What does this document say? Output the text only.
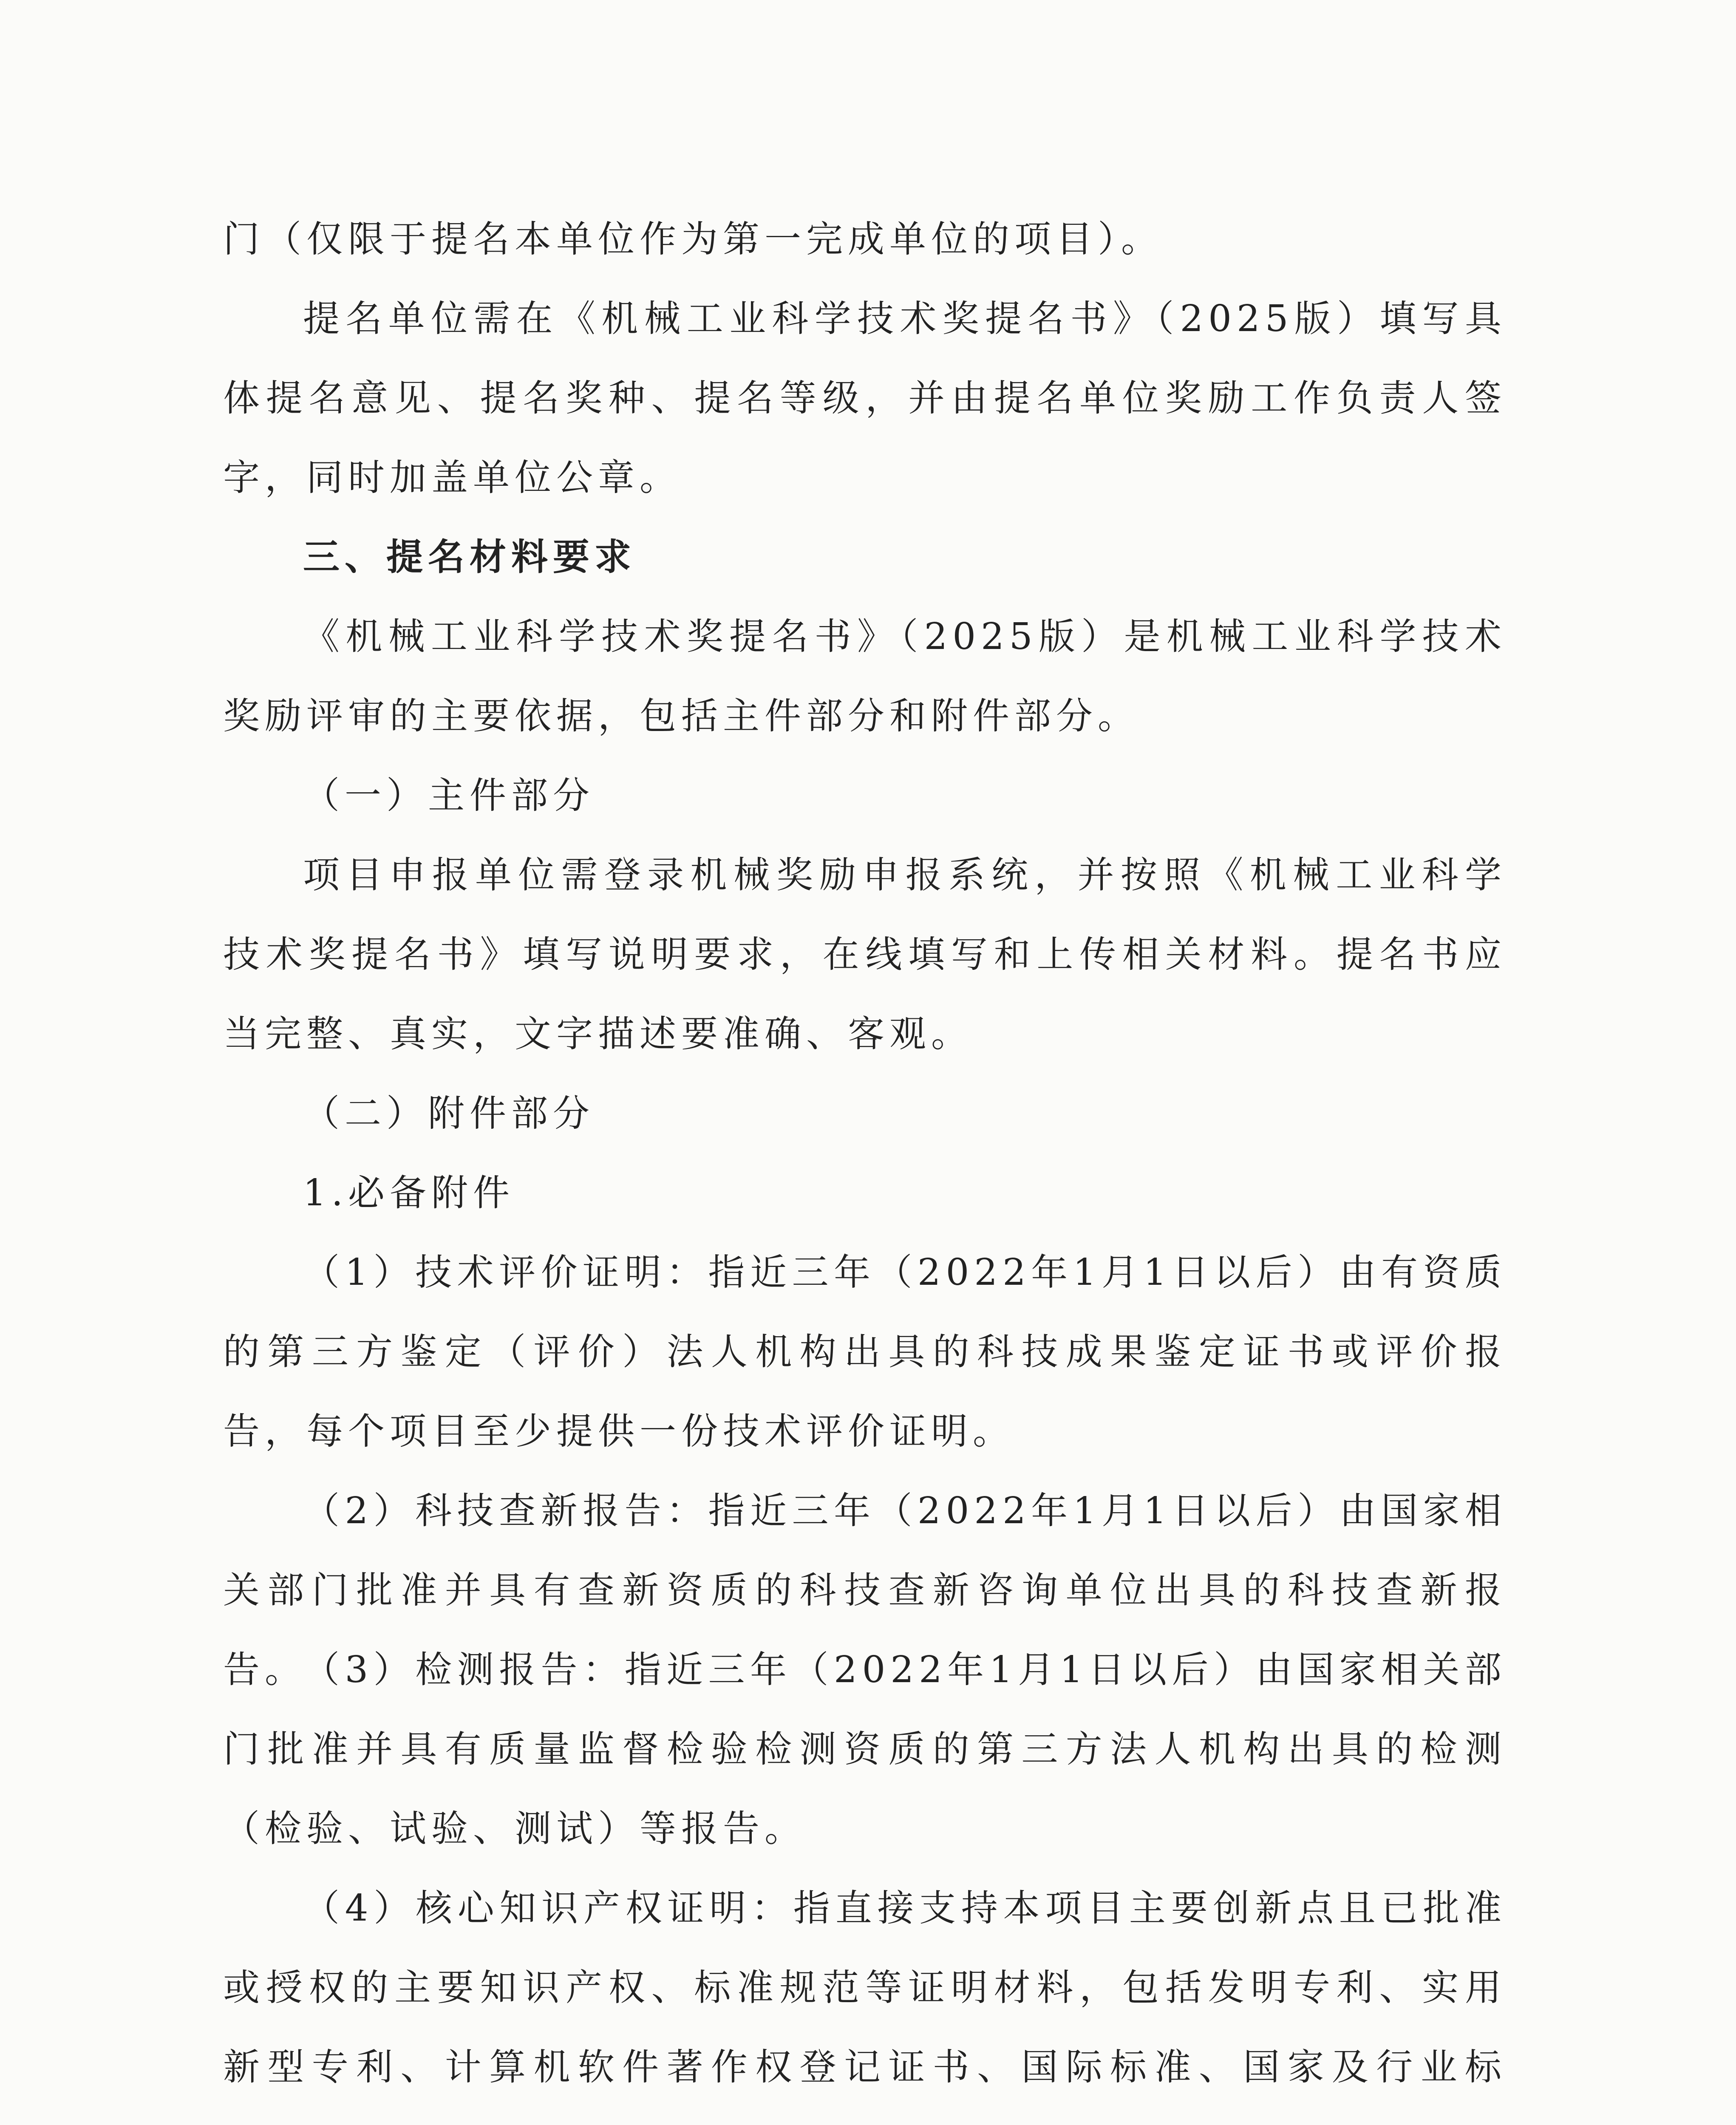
门（仅限于提名本单位作为第一完成单位的项目）。

提名单位需在《机械工业科学技术奖提名书》（2025版）填写具体提名意见、提名奖种、提名等级，并由提名单位奖励工作负责人签字，同时加盖单位公章。

三、提名材料要求

《机械工业科学技术奖提名书》（2025版）是机械工业科学技术奖励评审的主要依据，包括主件部分和附件部分。

（一）主件部分

项目申报单位需登录机械奖励申报系统，并按照《机械工业科学技术奖提名书》填写说明要求，在线填写和上传相关材料。提名书应当完整、真实，文字描述要准确、客观。

（二）附件部分

1.必备附件

（1）技术评价证明：指近三年（2022年1月1日以后）由有资质的第三方鉴定（评价）法人机构出具的科技成果鉴定证书或评价报告，每个项目至少提供一份技术评价证明。

（2）科技查新报告：指近三年（2022年1月1日以后）由国家相关部门批准并具有查新资质的科技查新咨询单位出具的科技查新报告。

（3）检测报告：指近三年（2022年1月1日以后）由国家相关部门批准并具有质量监督检验检测资质的第三方法人机构出具的检测（检验、试验、测试）等报告。

（4）核心知识产权证明：指直接支持本项目主要创新点且已批准或授权的主要知识产权、标准规范等证明材料，包括发明专利、实用新型专利、计算机软件著作权登记证书、国际标准、国家及行业标
